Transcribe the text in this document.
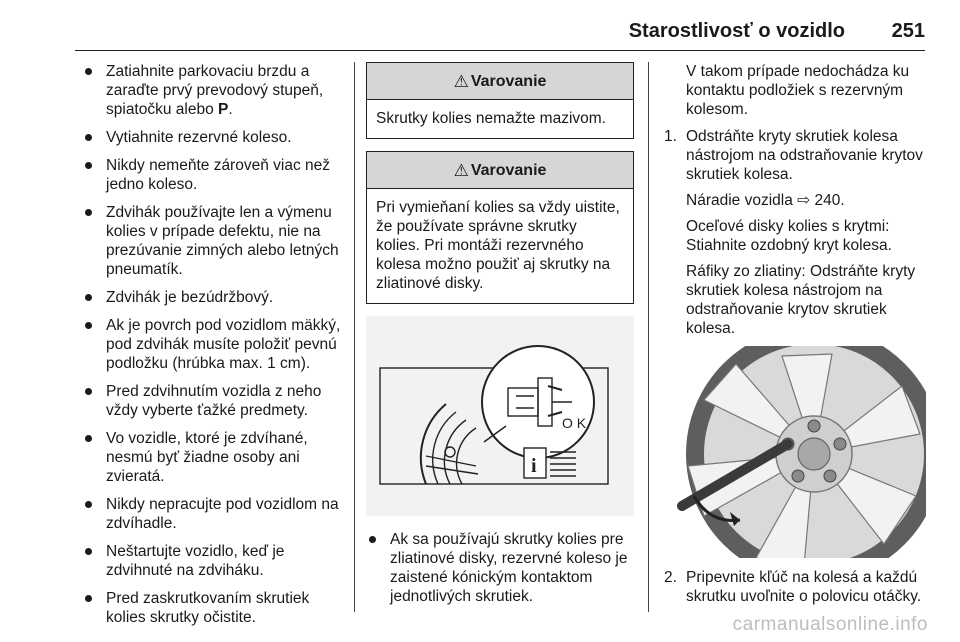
Starostlivosť o vozidlo 251
Zatiahnite parkovaciu brzdu a zaraďte prvý prevodový stupeň, spiatočku alebo P.
Vytiahnite rezervné koleso.
Nikdy nemeňte zároveň viac než jedno koleso.
Zdvihák používajte len a výmenu kolies v prípade defektu, nie na prezúvanie zimných alebo letných pneumatík.
Zdvihák je bezúdržbový.
Ak je povrch pod vozidlom mäkký, pod zdvihák musíte položiť pevnú podložku (hrúbka max. 1 cm).
Pred zdvihnutím vozidla z neho vždy vyberte ťažké predmety.
Vo vozidle, ktoré je zdvíhané, nesmú byť žiadne osoby ani zvieratá.
Nikdy nepracujte pod vozidlom na zdvíhadle.
Neštartujte vozidlo, keď je zdvihnuté na zdviháku.
Pred zaskrutkovaním skrutiek kolies skrutky očistite.
⚠ Varovanie
Skrutky kolies nemažte mazivom.
⚠ Varovanie
Pri vymieňaní kolies sa vždy uistite, že používate správne skrutky kolies. Pri montáži rezervného kolesa možno použiť aj skrutky na zliatinové disky.
O K
i
Ak sa používajú skrutky kolies pre zliatinové disky, rezervné koleso je zaistené kónickým kontaktom jednotlivých skrutiek.

V takom prípade nedochádza ku kontaktu podložiek s rezervným kolesom.

1. Odstráňte kryty skrutiek kolesa nástrojom na odstraňovanie krytov skrutiek kolesa.

Náradie vozidla ⇨ 240.

Oceľové disky kolies s krytmi: Stiahnite ozdobný kryt kolesa.

Ráfiky zo zliatiny: Odstráňte kryty skrutiek kolesa nástrojom na odstraňovanie krytov skrutiek kolesa.

2. Pripevnite kľúč na kolesá a každú skrutku uvoľnite o polovicu otáčky.

carmanualsonline.info
